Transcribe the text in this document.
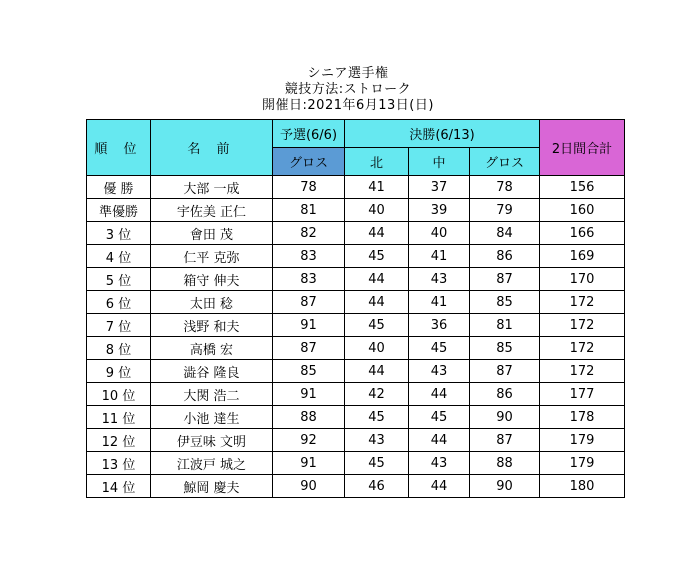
シニア選手権
競技方法:ストローク
開催日:2021年6月13日(日)
順 位	名 前	予選(6/6)	決勝(6/13)			2日間合計
		グロス	北	中	グロス	
優 勝	大部 一成	78	41	37	78	156
準優勝	宇佐美 正仁	81	40	39	79	160
3 位	會田 茂	82	44	40	84	166
4 位	仁平 克弥	83	45	41	86	169
5 位	箱守 伸夫	83	44	43	87	170
6 位	太田 稔	87	44	41	85	172
7 位	浅野 和夫	91	45	36	81	172
8 位	高橋 宏	87	40	45	85	172
9 位	澁谷 隆良	85	44	43	87	172
10 位	大関 浩二	91	42	44	86	177
11 位	小池 達生	88	45	45	90	178
12 位	伊豆味 文明	92	43	44	87	179
13 位	江波戸 城之	91	45	43	88	179
14 位	鯨岡 慶夫	90	46	44	90	180
